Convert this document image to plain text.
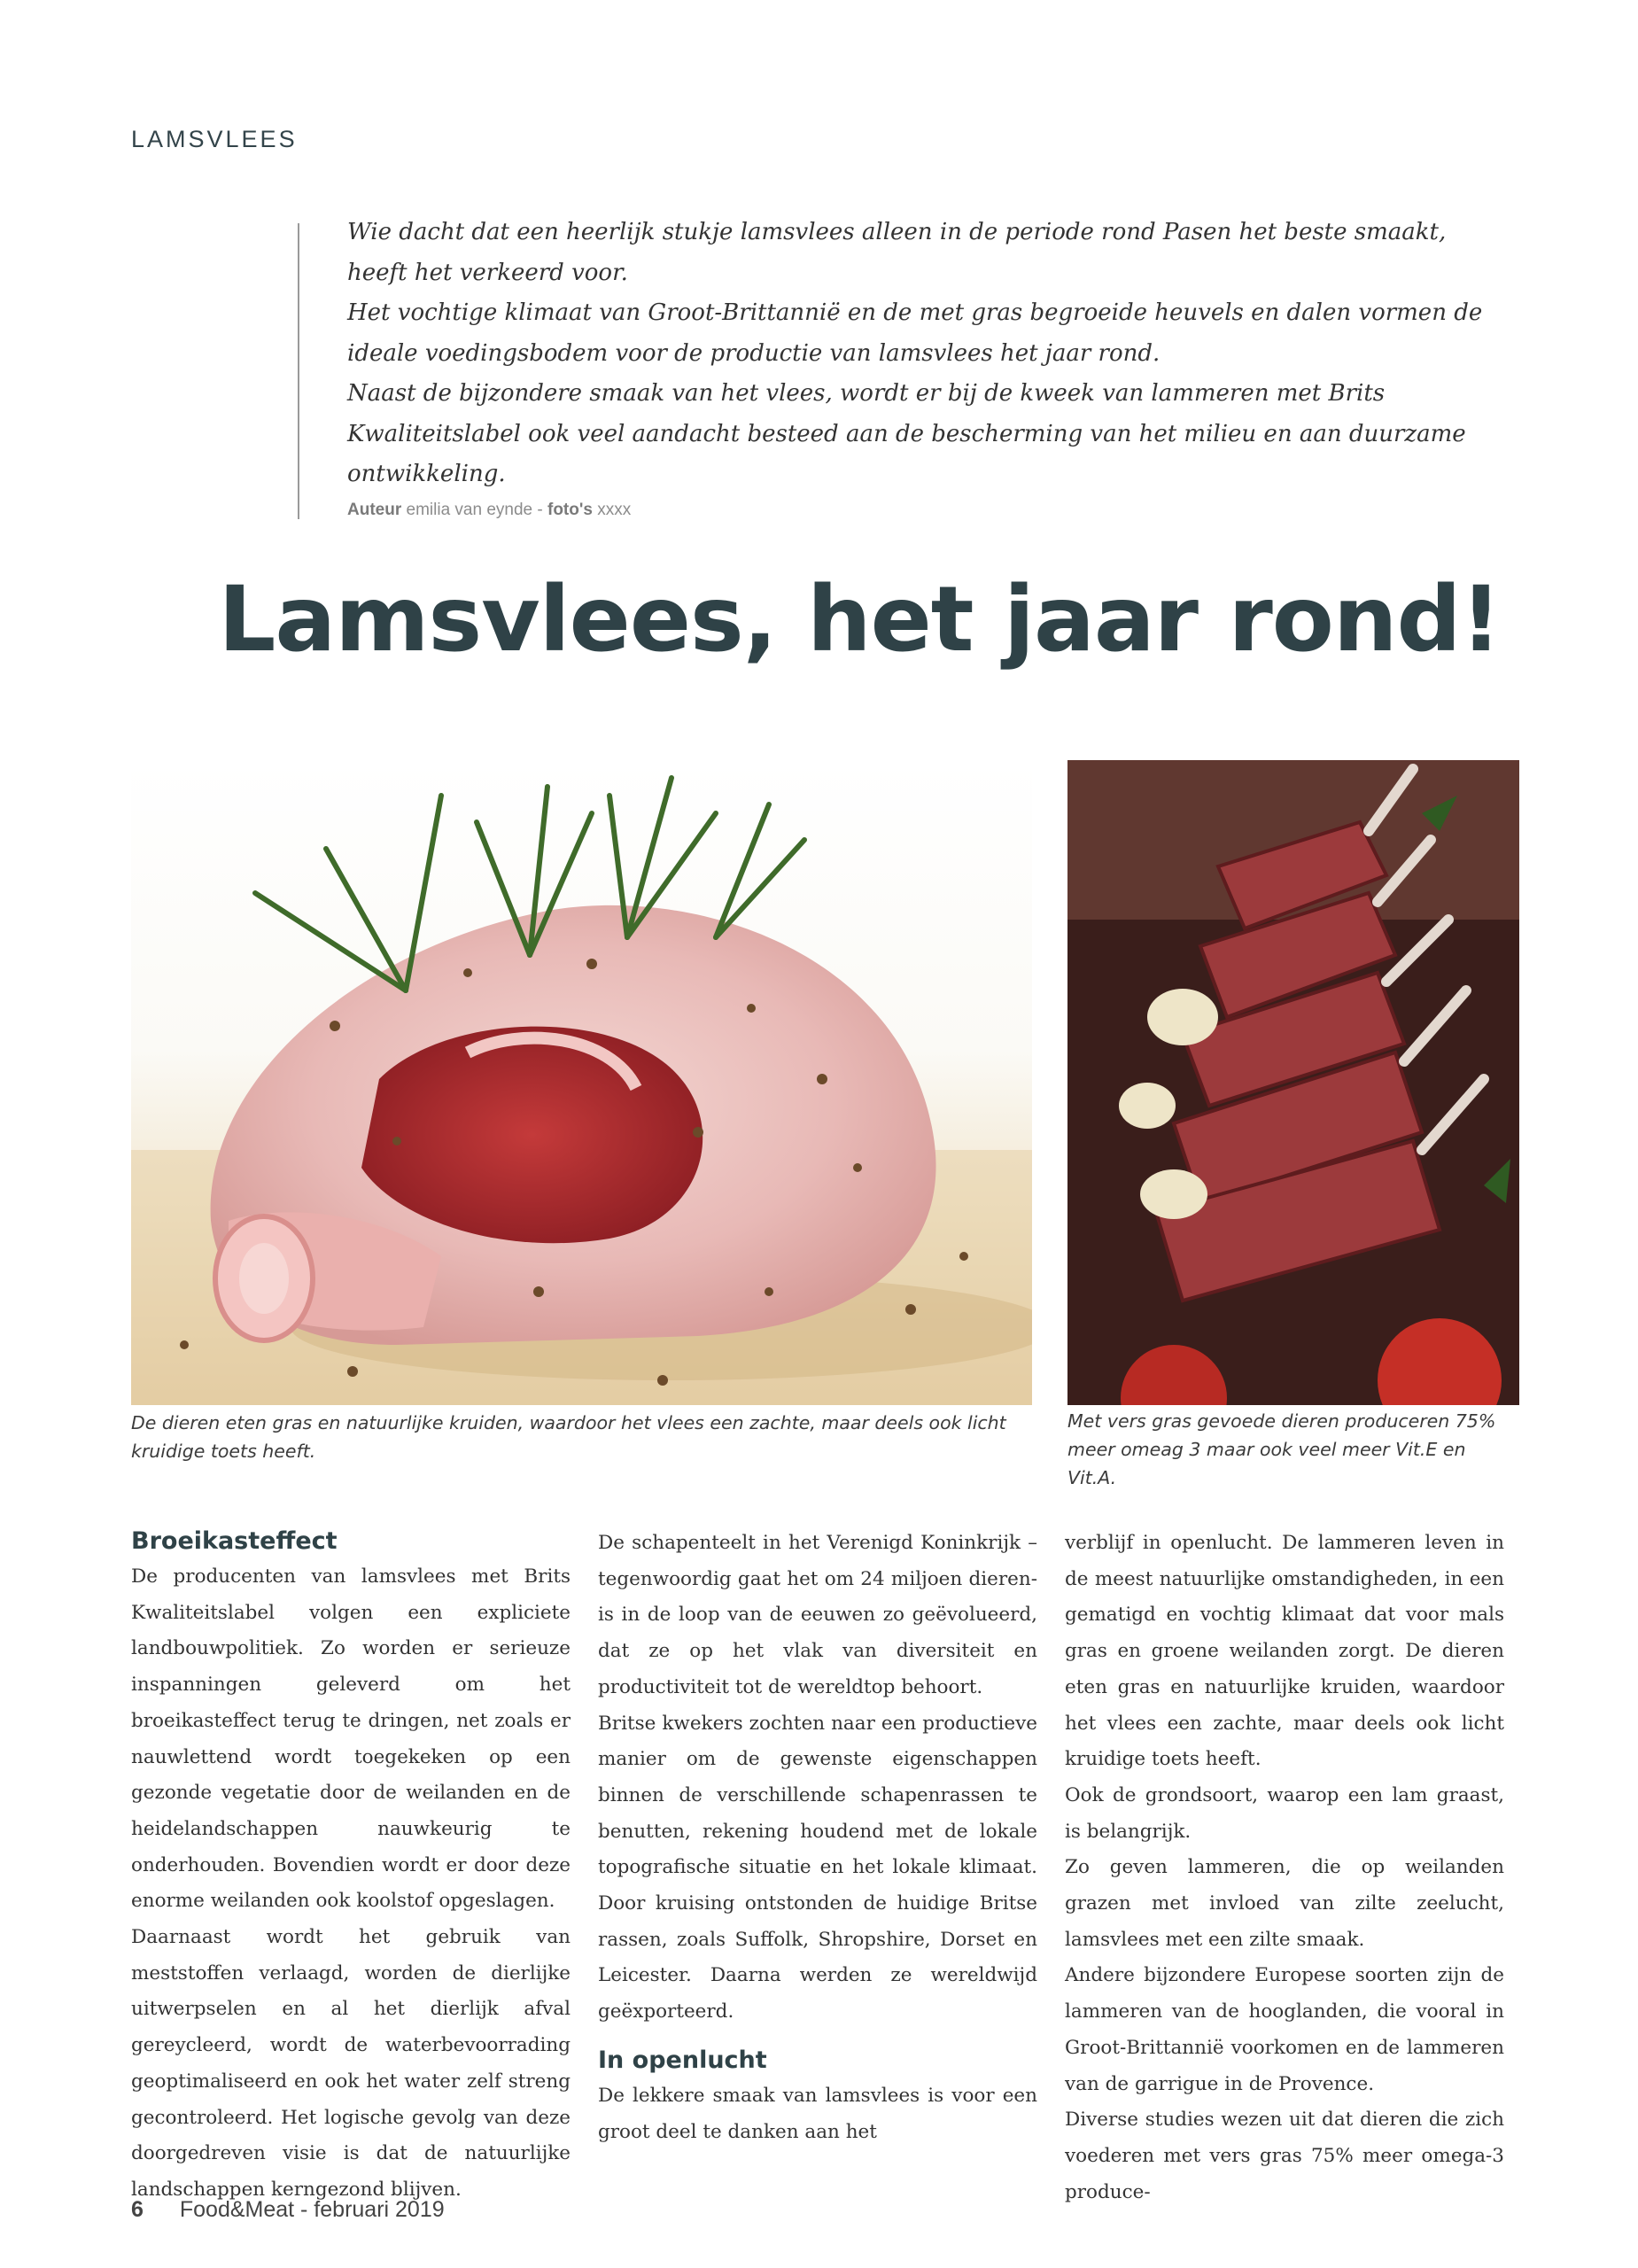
LAMSVLEES

Wie dacht dat een heerlijk stukje lamsvlees alleen in de periode rond Pasen het beste smaakt, heeft het verkeerd voor.

Het vochtige klimaat van Groot-Brittannië en de met gras begroeide heuvels en dalen vormen de ideale voedingsbodem voor de productie van lamsvlees het jaar rond.

Naast de bijzondere smaak van het vlees, wordt er bij de kweek van lammeren met Brits Kwaliteitslabel ook veel aandacht besteed aan de bescherming van het milieu en aan duurzame ontwikkeling.

Auteur emilia van eynde - foto's xxxx
Lamsvlees, het jaar rond!
De dieren eten gras en natuurlijke kruiden, waardoor het vlees een zachte, maar deels ook licht kruidige toets heeft.
Met vers gras gevoede dieren produceren 75% meer omeag 3 maar ook veel meer Vit.E en Vit.A.
Broeikasteffect

De producenten van lamsvlees met Brits Kwaliteitslabel volgen een expliciete landbouwpolitiek. Zo worden er serieuze inspanningen geleverd om het broeikasteffect terug te dringen, net zoals er nauwlettend wordt toegekeken op een gezonde vegetatie door de weilanden en de heidelandschappen nauwkeurig te onderhouden. Bovendien wordt er door deze enorme weilanden ook koolstof opgeslagen.

Daarnaast wordt het gebruik van meststoffen verlaagd, worden de dierlijke uitwerpselen en al het dierlijk afval gereycleerd, wordt de waterbevoorrading geoptimaliseerd en ook het water zelf streng gecontroleerd. Het logische gevolg van deze doorgedreven visie is dat de natuurlijke landschappen kerngezond blijven.

De schapenteelt in het Verenigd Koninkrijk –tegenwoordig gaat het om 24 miljoen dieren- is in de loop van de eeuwen zo geëvolueerd, dat ze op het vlak van diversiteit en productiviteit tot de wereldtop behoort.

Britse kwekers zochten naar een productieve manier om de gewenste eigenschappen binnen de verschillende schapenrassen te benutten, rekening houdend met de lokale topografische situatie en het lokale klimaat. Door kruising ontstonden de huidige Britse rassen, zoals Suffolk, Shropshire, Dorset en Leicester. Daarna werden ze wereldwijd geëxporteerd.

In openlucht

De lekkere smaak van lamsvlees is voor een groot deel te danken aan het

verblijf in openlucht. De lammeren leven in de meest natuurlijke omstandigheden, in een gematigd en vochtig klimaat dat voor mals gras en groene weilanden zorgt. De dieren eten gras en natuurlijke kruiden, waardoor het vlees een zachte, maar deels ook licht kruidige toets heeft.

Ook de grondsoort, waarop een lam graast, is belangrijk.

Zo geven lammeren, die op weilanden grazen met invloed van zilte zeelucht, lamsvlees met een zilte smaak.

Andere bijzondere Europese soorten zijn de lammeren van de hooglanden, die vooral in Groot-Brittannië voorkomen en de lammeren van de garrigue in de Provence.

Diverse studies wezen uit dat dieren die zich voederen met vers gras 75% meer omega-3 produce-

6 Food&Meat - februari 2019
